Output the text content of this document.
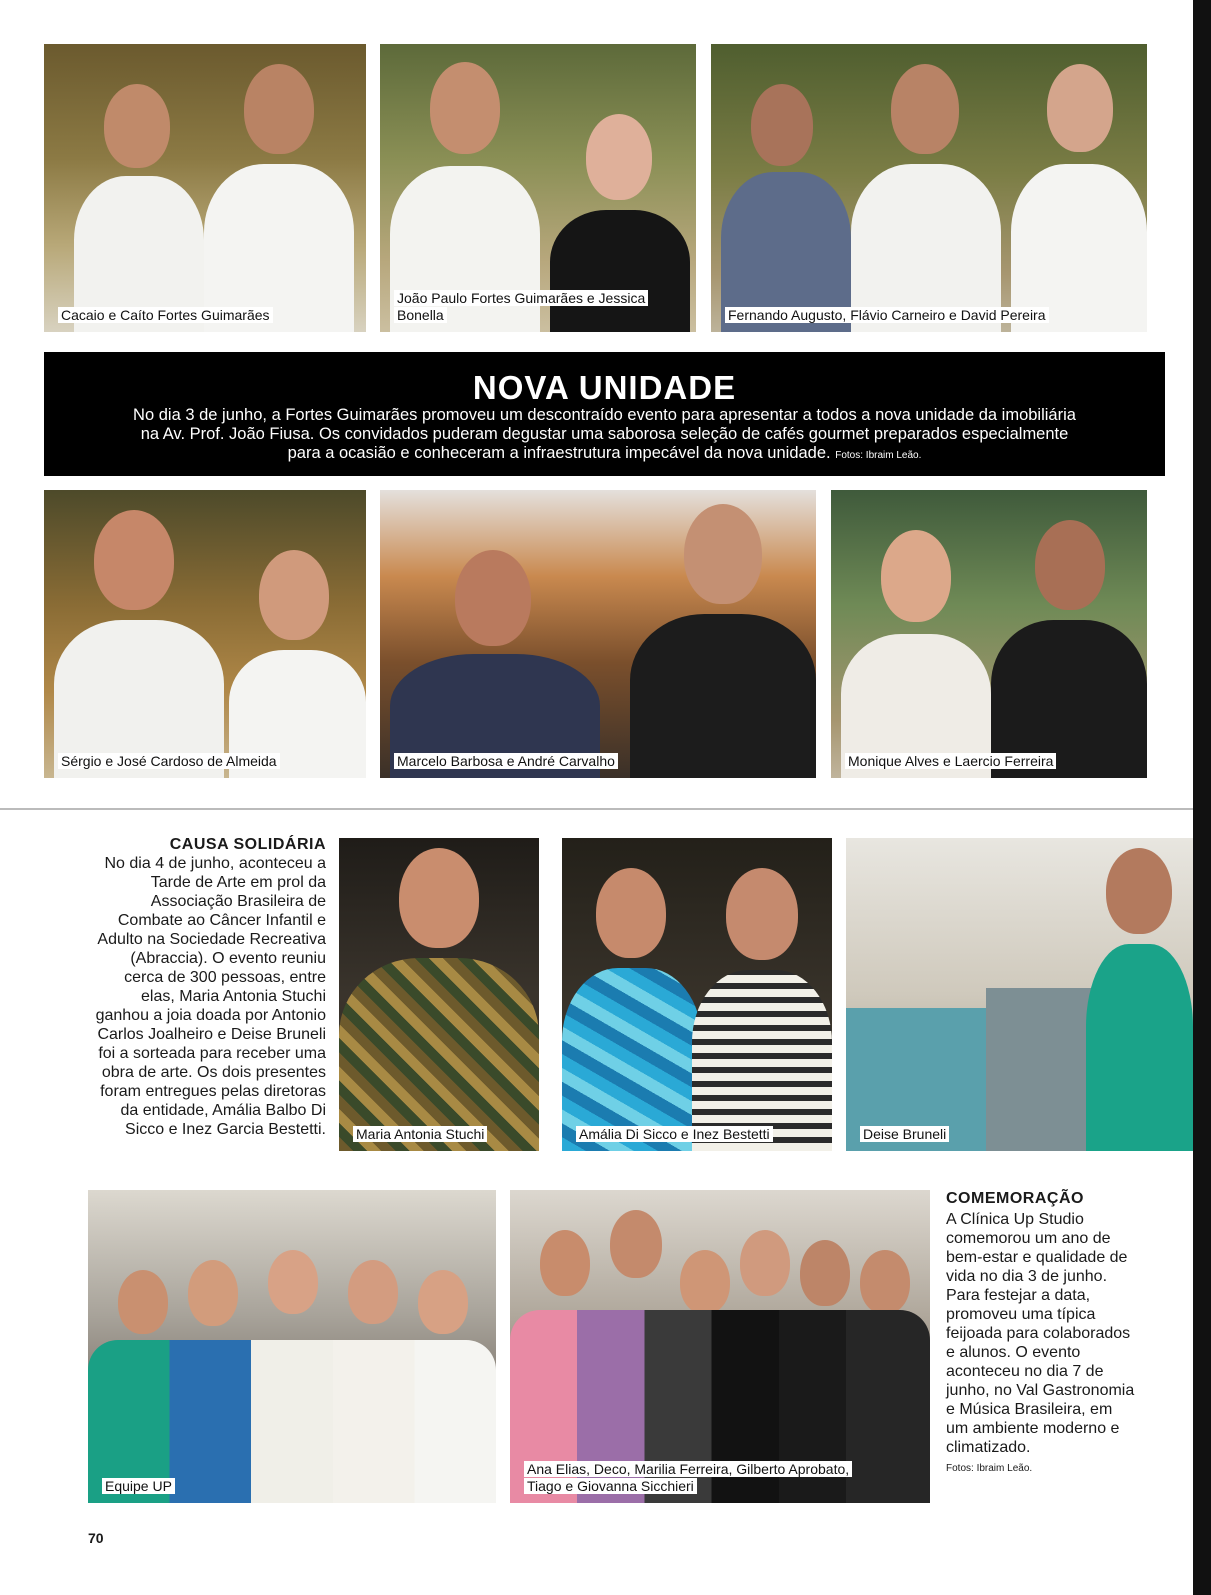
Cacaio e Caíto Fortes Guimarães
João Paulo Fortes Guimarães e Jessica Bonella	Fernando Augusto, Flávio Carneiro e David Pereira
NOVA UNIDADE

No dia 3 de junho, a Fortes Guimarães promoveu um descontraído evento para apresentar a todos a nova unidade da imobiliária na Av. Prof. João Fiusa. Os convidados puderam degustar uma saborosa seleção de cafés gourmet preparados especialmente para a ocasião e conheceram a infraestrutura impecável da nova unidade. Fotos: Ibraim Leão.

Sérgio e José Cardoso de Almeida	Marcelo Barbosa e André Carvalho	Monique Alves e Laercio Ferreira
CAUSA SOLIDÁRIA
No dia 4 de junho, aconteceu a Tarde de Arte em prol da Associação Brasileira de Combate ao Câncer Infantil e Adulto na Sociedade Recreativa (Abraccia). O evento reuniu cerca de 300 pessoas, entre elas, Maria Antonia Stuchi ganhou a joia doada por Antonio Carlos Joalheiro e Deise Bruneli foi a sorteada para receber uma obra de arte. Os dois presentes foram entregues pelas diretoras da entidade, Amália Balbo Di Sicco e Inez Garcia Bestetti. Maria Antonia Stuchi	Amália Di Sicco e Inez Bestetti	Deise Bruneli
Equipe UP
Ana Elias, Deco, Marilia Ferreira, Gilberto Aprobato, Tiago e Giovanna Sicchieri
COMEMORAÇÃO
A Clínica Up Studio comemorou um ano de bem-estar e qualidade de vida no dia 3 de junho. Para festejar a data, promoveu uma típica feijoada para colaborados e alunos. O evento aconteceu no dia 7 de junho, no Val Gastronomia e Música Brasileira, em um ambiente moderno e climatizado.
Fotos: Ibraim Leão.
70
